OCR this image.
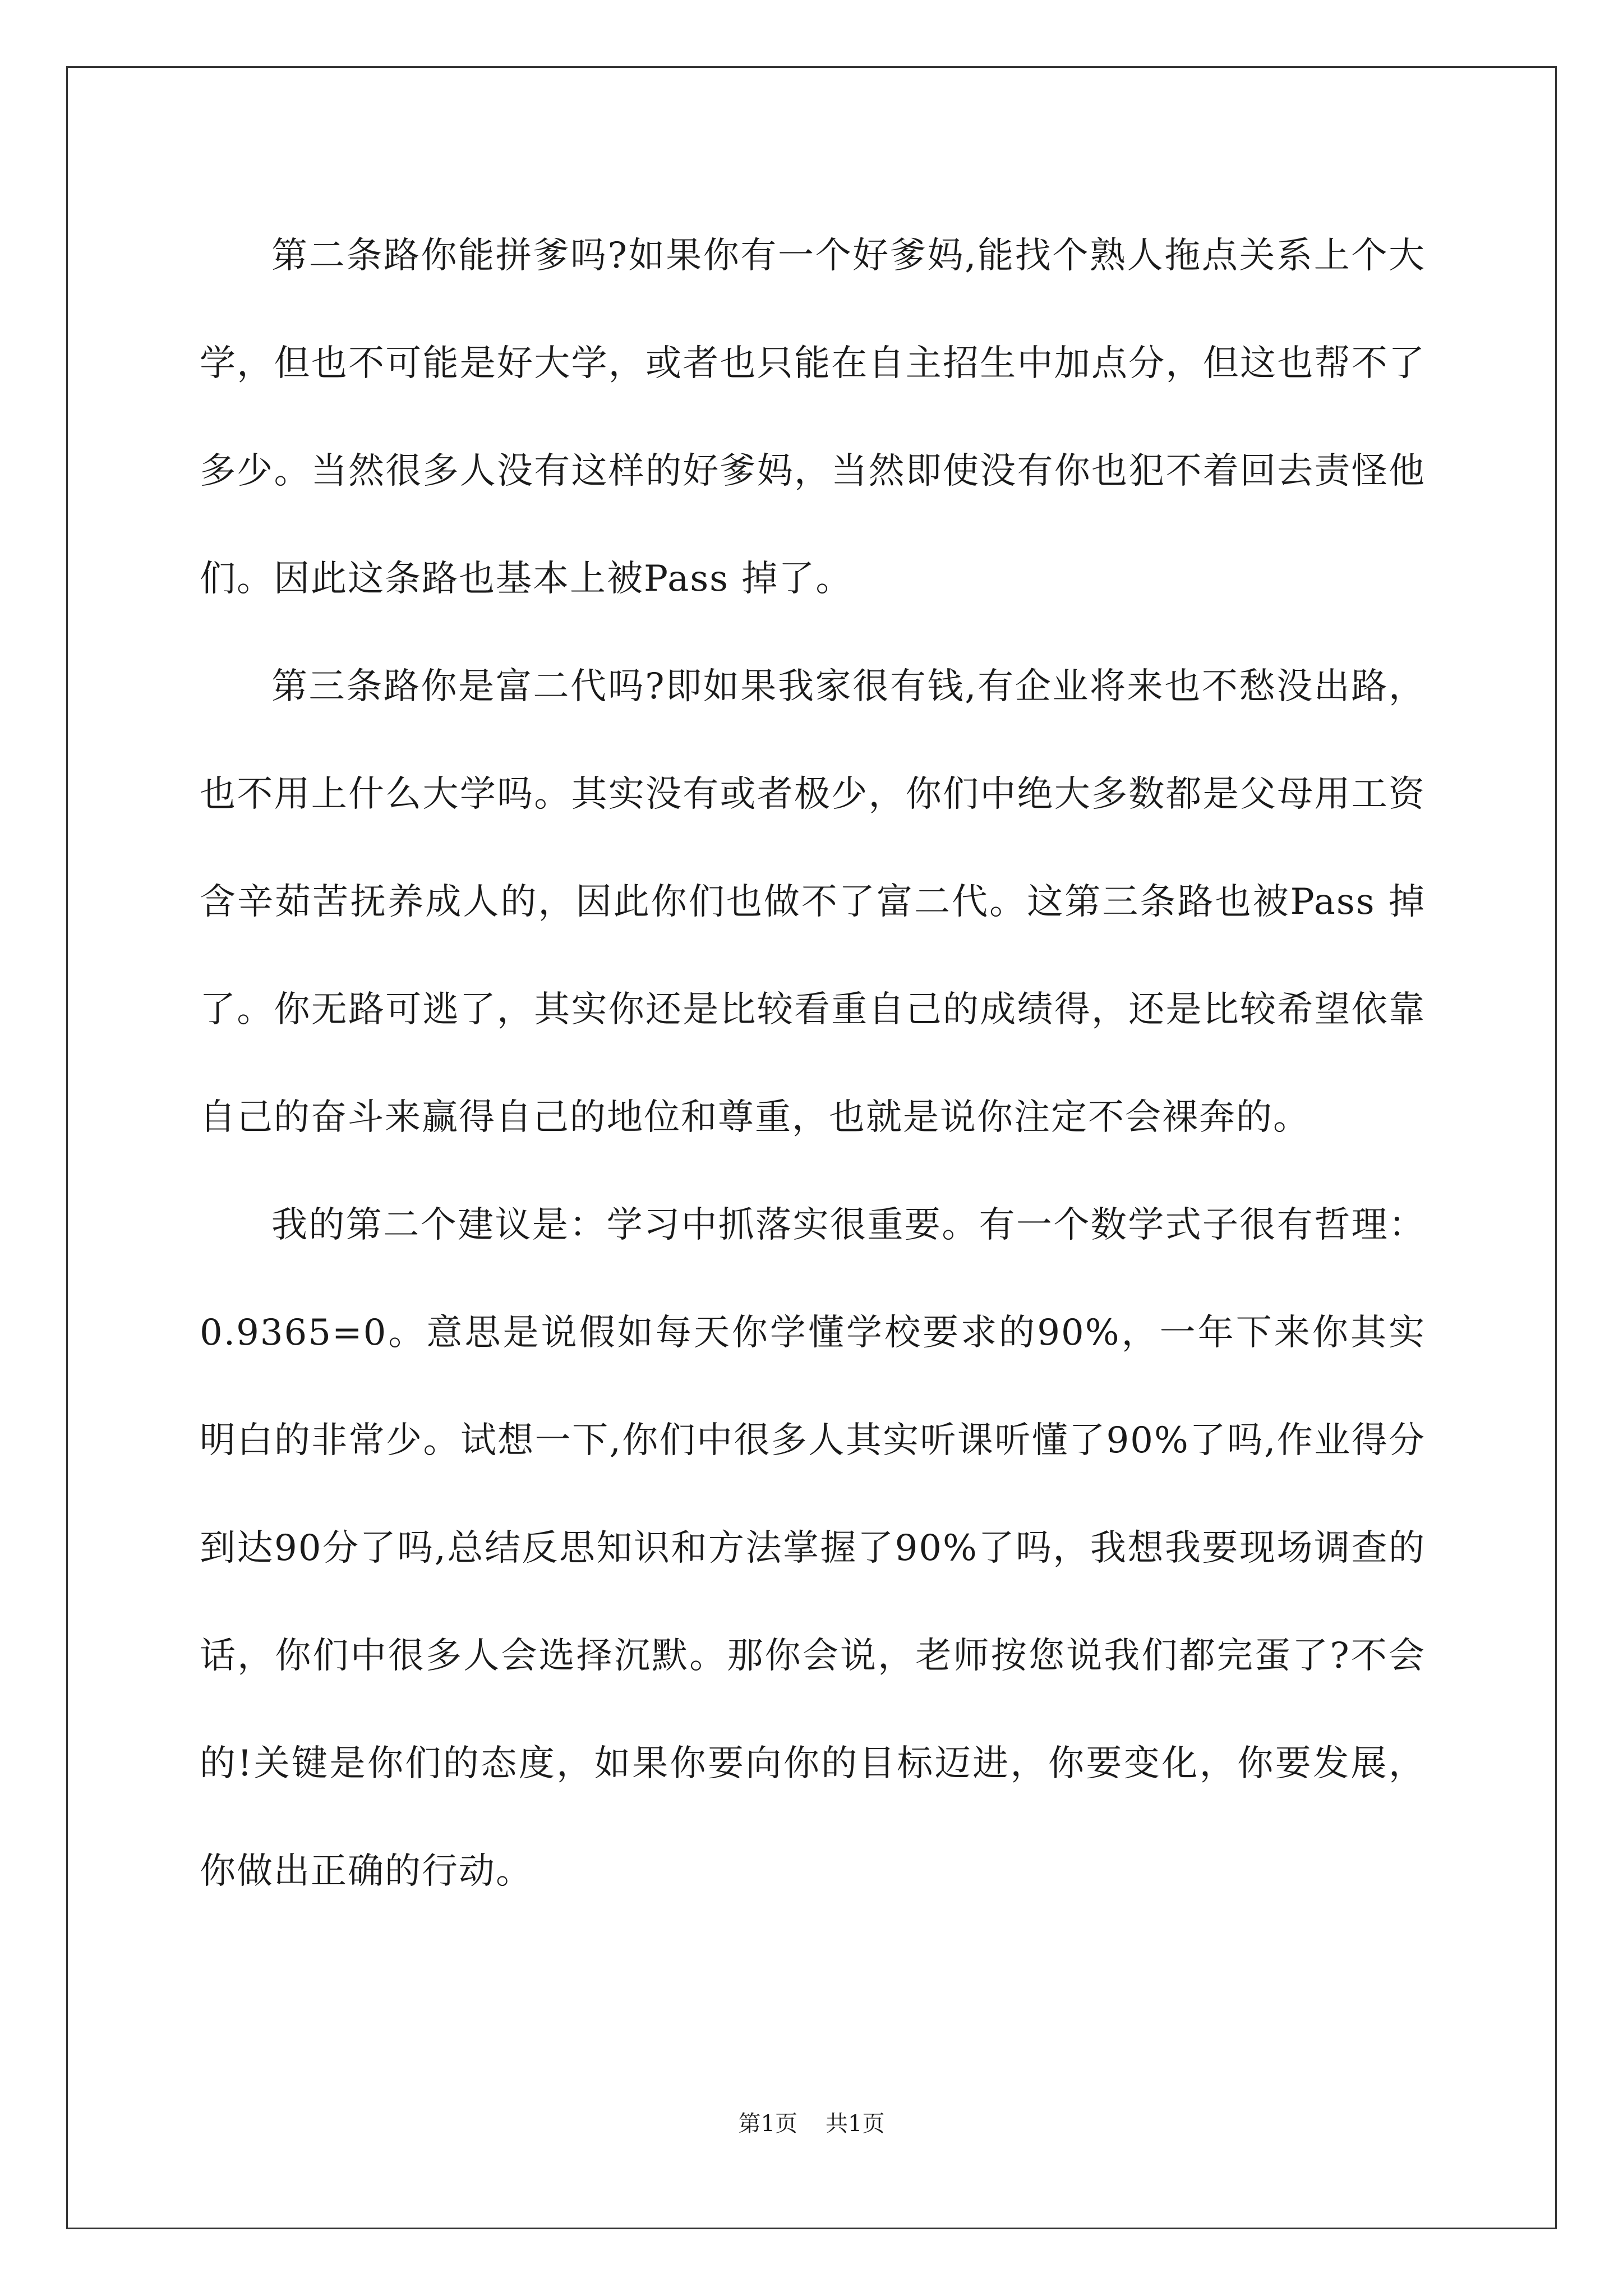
第二条路你能拼爹吗?如果你有一个好爹妈,能找个熟人拖点关系上个大学，但也不可能是好大学，或者也只能在自主招生中加点分，但这也帮不了多少。当然很多人没有这样的好爹妈，当然即使没有你也犯不着回去责怪他们。因此这条路也基本上被Pass 掉了。

第三条路你是富二代吗?即如果我家很有钱,有企业将来也不愁没出路，也不用上什么大学吗。其实没有或者极少，你们中绝大多数都是父母用工资含辛茹苦抚养成人的，因此你们也做不了富二代。这第三条路也被Pass 掉了。你无路可逃了，其实你还是比较看重自己的成绩得，还是比较希望依靠自己的奋斗来赢得自己的地位和尊重，也就是说你注定不会裸奔的。

我的第二个建议是：学习中抓落实很重要。有一个数学式子很有哲理：0.9365=0。意思是说假如每天你学懂学校要求的90%，一年下来你其实明白的非常少。试想一下,你们中很多人其实听课听懂了90%了吗,作业得分到达90分了吗,总结反思知识和方法掌握了90%了吗，我想我要现场调查的话，你们中很多人会选择沉默。那你会说，老师按您说我们都完蛋了?不会的!关键是你们的态度，如果你要向你的目标迈进，你要变化，你要发展，你做出正确的行动。

第1页 共1页
